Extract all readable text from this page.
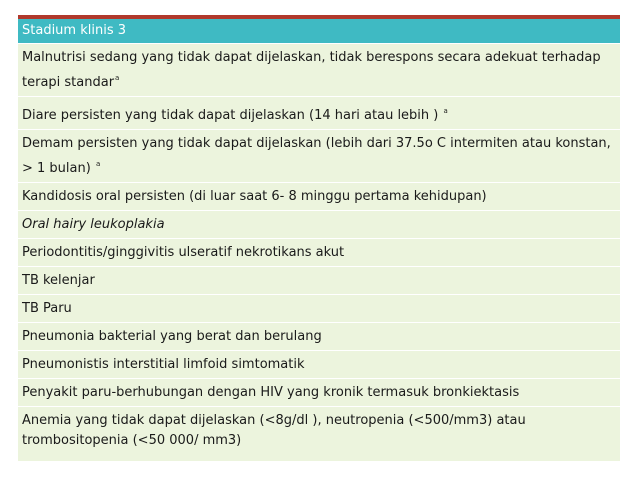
Stadium klinis 3
Malnutrisi sedang yang tidak dapat dijelaskan, tidak berespons secara adekuat terhadap terapi standar$^a$
Diare persisten yang tidak dapat dijelaskan (14 hari atau lebih ) $^a$
Demam persisten yang tidak dapat dijelaskan (lebih dari 37.5o C intermiten atau konstan, > 1 bulan) $^a$
Kandidosis oral persisten (di luar saat 6- 8 minggu pertama kehidupan)
Oral hairy leukoplakia
Periodontitis/ginggivitis ulseratif nekrotikans akut
TB kelenjar
TB Paru
Pneumonia bakterial yang berat dan berulang
Pneumonistis interstitial limfoid simtomatik
Penyakit paru-berhubungan dengan HIV yang kronik termasuk bronkiektasis
Anemia yang tidak dapat dijelaskan (<8g/dl ), neutropenia (<500/mm3) atau trombositopenia (<50 000/ mm3)
